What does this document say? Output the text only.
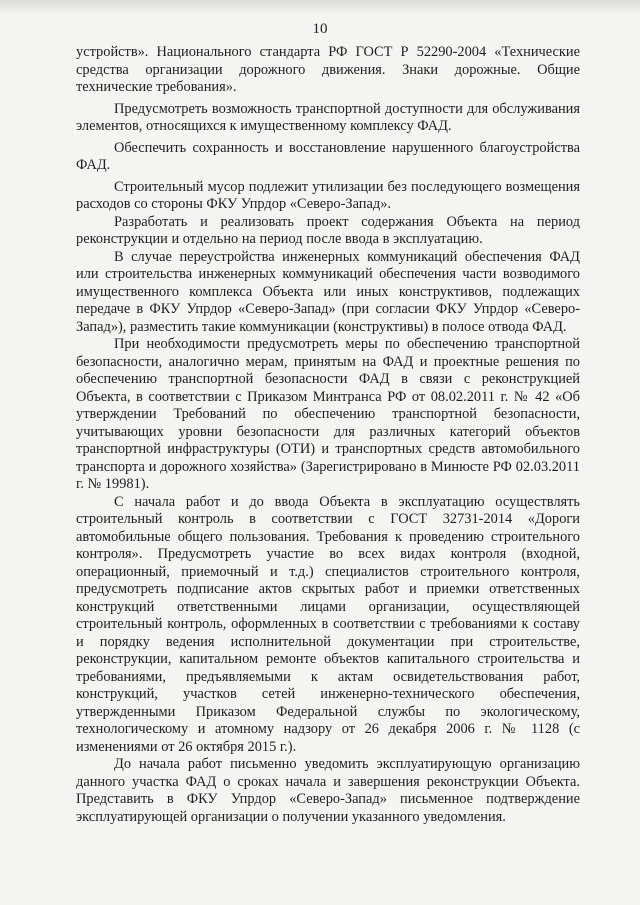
10

устройств». Национального стандарта РФ ГОСТ Р 52290-2004 «Технические средства организации дорожного движения. Знаки дорожные. Общие технические требования».

Предусмотреть возможность транспортной доступности для обслуживания элементов, относящихся к имущественному комплексу ФАД.

Обеспечить сохранность и восстановление нарушенного благоустройства ФАД.

Строительный мусор подлежит утилизации без последующего возмещения расходов со стороны ФКУ Упрдор «Северо-Запад».

Разработать и реализовать проект содержания Объекта на период реконструкции и отдельно на период после ввода в эксплуатацию.

В случае переустройства инженерных коммуникаций обеспечения ФАД или строительства инженерных коммуникаций обеспечения части возводимого имущественного комплекса Объекта или иных конструктивов, подлежащих передаче в ФКУ Упрдор «Северо-Запад» (при согласии ФКУ Упрдор «Северо-Запад»), разместить такие коммуникации (конструктивы) в полосе отвода ФАД.

При необходимости предусмотреть меры по обеспечению транспортной безопасности, аналогично мерам, принятым на ФАД и проектные решения по обеспечению транспортной безопасности ФАД в связи с реконструкцией Объекта, в соответствии с Приказом Минтранса РФ от 08.02.2011 г. № 42 «Об утверждении Требований по обеспечению транспортной безопасности, учитывающих уровни безопасности для различных категорий объектов транспортной инфраструктуры (ОТИ) и транспортных средств автомобильного транспорта и дорожного хозяйства» (Зарегистрировано в Минюсте РФ 02.03.2011 г. № 19981).

С начала работ и до ввода Объекта в эксплуатацию осуществлять строительный контроль в соответствии с ГОСТ 32731-2014 «Дороги автомобильные общего пользования. Требования к проведению строительного контроля». Предусмотреть участие во всех видах контроля (входной, операционный, приемочный и т.д.) специалистов строительного контроля, предусмотреть подписание актов скрытых работ и приемки ответственных конструкций ответственными лицами организации, осуществляющей строительный контроль, оформленных в соответствии с требованиями к составу и порядку ведения исполнительной документации при строительстве, реконструкции, капитальном ремонте объектов капитального строительства и требованиями, предъявляемыми к актам освидетельствования работ, конструкций, участков сетей инженерно-технического обеспечения, утвержденными Приказом Федеральной службы по экологическому, технологическому и атомному надзору от 26 декабря 2006 г. № 1128 (с изменениями от 26 октября 2015 г.).

До начала работ письменно уведомить эксплуатирующую организацию данного участка ФАД о сроках начала и завершения реконструкции Объекта. Представить в ФКУ Упрдор «Северо-Запад» письменное подтверждение эксплуатирующей организации о получении указанного уведомления.
